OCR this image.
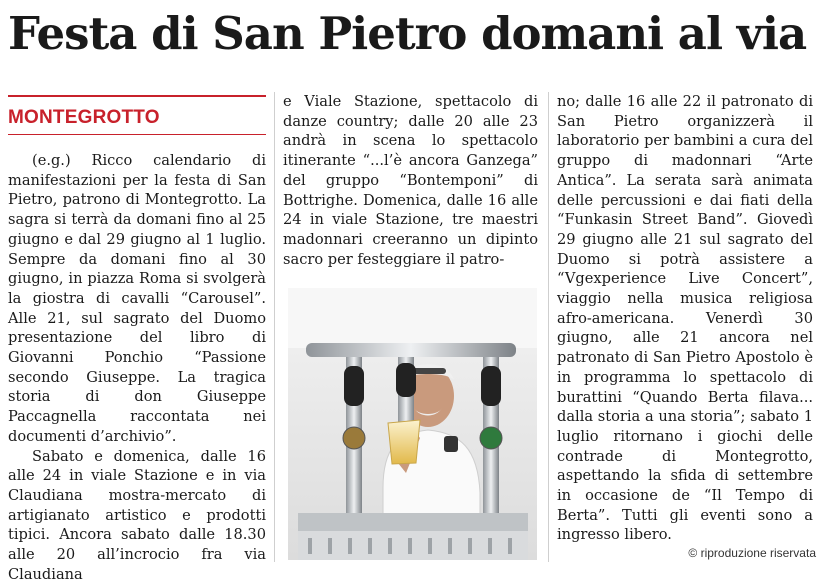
Festa di San Pietro domani al via
MONTEGROTTO

(e.g.) Ricco calendario di manifestazioni per la festa di San Pietro, patrono di Montegrotto. La sagra si terrà da domani fino al 25 giugno e dal 29 giugno al 1 luglio. Sempre da domani fino al 30 giugno, in piazza Roma si svolgerà la giostra di cavalli “Carousel”. Alle 21, sul sagrato del Duomo presentazione del libro di Giovanni Ponchio “Passione secondo Giuseppe. La tragica storia di don Giuseppe Paccagnella raccontata nei documenti d’archivio”.

Sabato e domenica, dalle 16 alle 24 in viale Stazione e in via Claudiana mostra-mercato di artigianato artistico e prodotti tipici. Ancora sabato dalle 18.30 alle 20 all’incrocio fra via Claudiana

e Viale Stazione, spettacolo di danze country; dalle 20 alle 23 andrà in scena lo spettacolo itinerante “...l’è ancora Ganzega” del gruppo “Bontemponi” di Bottrighe. Domenica, dalle 16 alle 24 in viale Stazione, tre maestri madonnari creeranno un dipinto sacro per festeggiare il patro-

no; dalle 16 alle 22 il patronato di San Pietro organizzerà il laboratorio per bambini a cura del gruppo di madonnari “Arte Antica”. La serata sarà animata delle percussioni e dai fiati della “Funkasin Street Band”. Giovedì 29 giugno alle 21 sul sagrato del Duomo si potrà assistere a “Vgexperience Live Concert”, viaggio nella musica religiosa afro-americana. Venerdì 30 giugno, alle 21 ancora nel patronato di San Pietro Apostolo è in programma lo spettacolo di burattini “Quando Berta filava... dalla storia a una storia”; sabato 1 luglio ritornano i giochi delle contrade di Montegrotto, aspettando la sfida di settembre in occasione de “Il Tempo di Berta”. Tutti gli eventi sono a ingresso libero.

© riproduzione riservata
